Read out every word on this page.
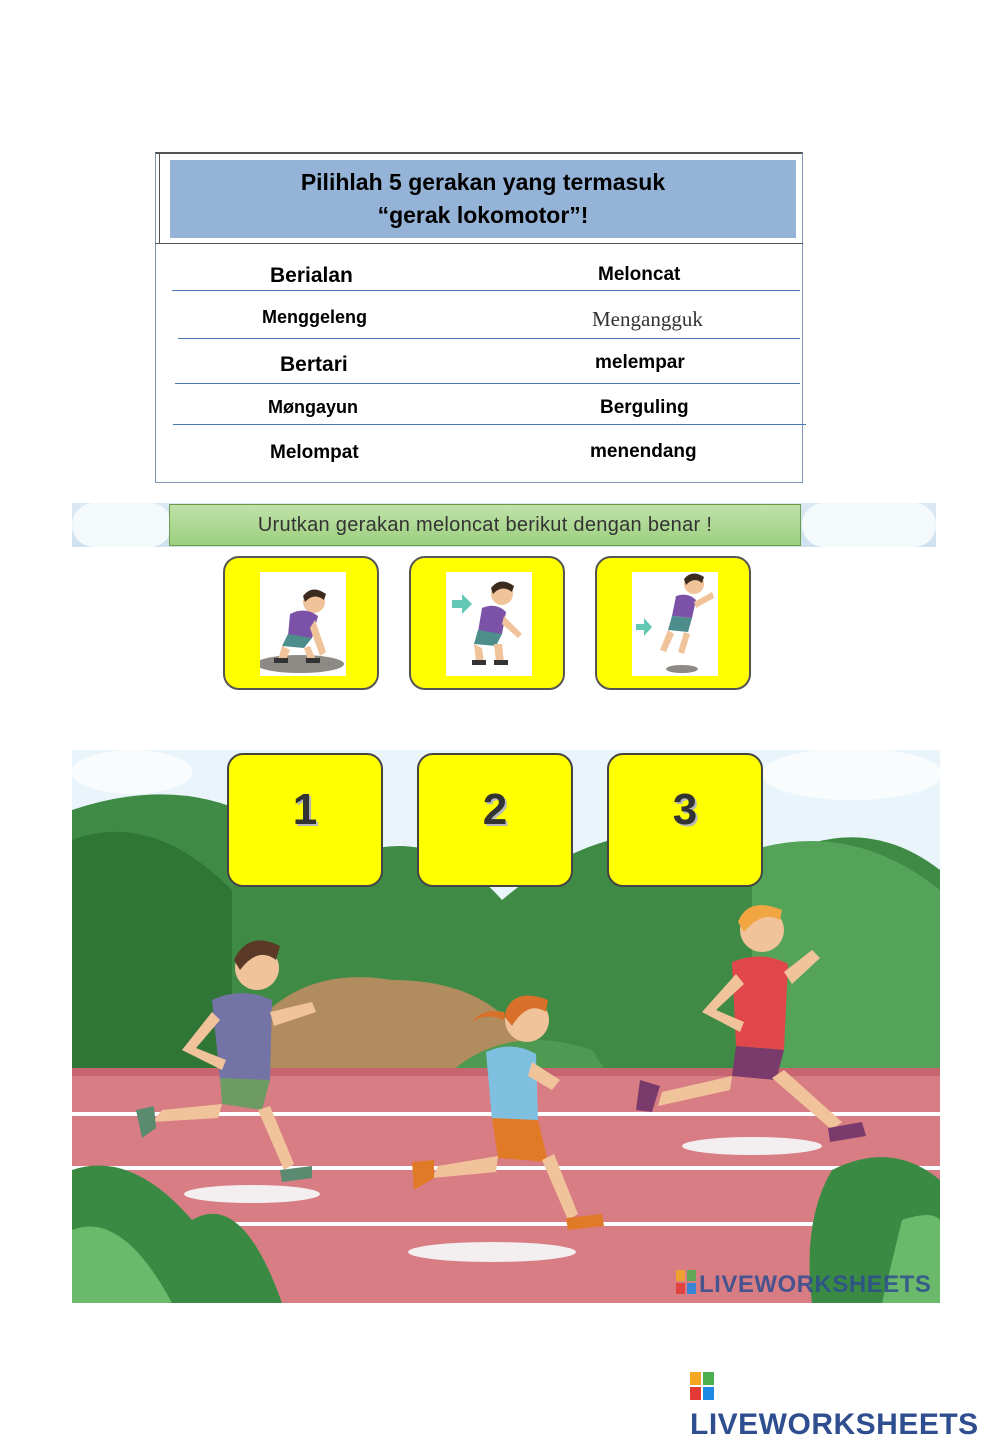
Pilihlah 5 gerakan yang termasuk
“gerak lokomotor”!
Berialan	Meloncat
Menggeleng	Mengangguk
Bertari	melempar
Møngayun	Berguling
Melompat	menendang
Urutkan gerakan meloncat berikut dengan benar !
1	2	3
LIVEWORKSHEETS
LIVEWORKSHEETS
